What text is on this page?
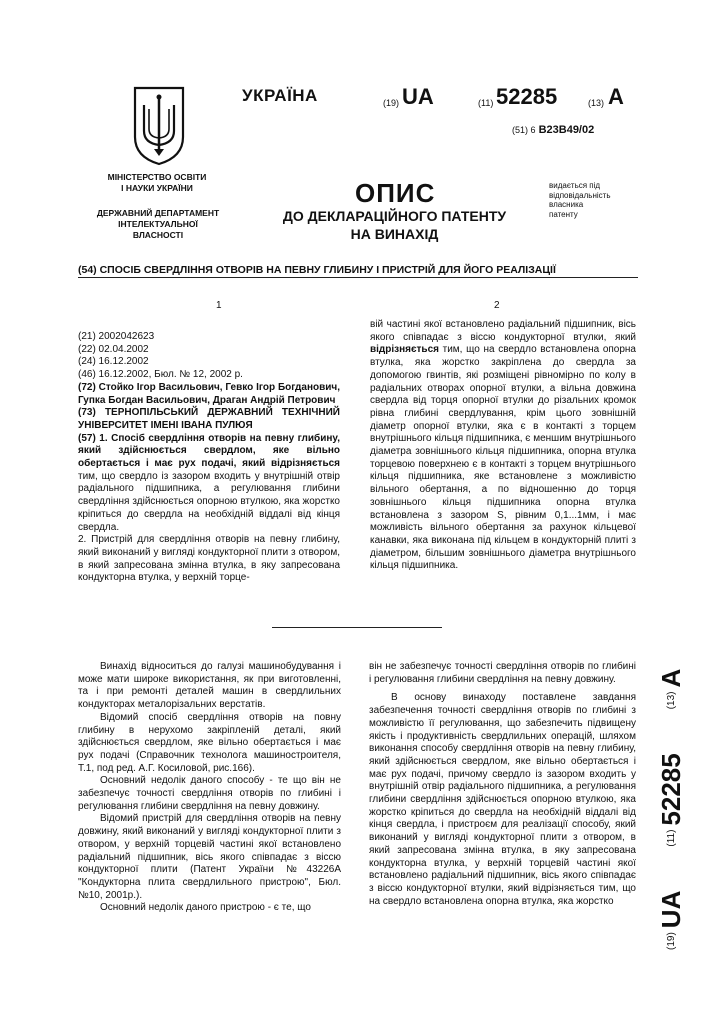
УКРАЇНА
МІНІСТЕРСТВО ОСВІТИ
І НАУКИ УКРАЇНИ
ДЕРЖАВНИЙ ДЕПАРТАМЕНТ
ІНТЕЛЕКТУАЛЬНОЇ
ВЛАСНОСТІ
(19) UA	(11) 52285	(13) A
(51) 6 B23B49/02
ОПИС
ДО ДЕКЛАРАЦІЙНОГО ПАТЕНТУ
НА ВИНАХІД
видається під
відповідальність
власника
патенту
(54) СПОСІБ СВЕРДЛІННЯ ОТВОРІВ НА ПЕВНУ ГЛИБИНУ І ПРИСТРІЙ ДЛЯ ЙОГО РЕАЛІЗАЦІЇ
1	2

(21) 2002042623

(22) 02.04.2002

(24) 16.12.2002

(46) 16.12.2002, Бюл. № 12, 2002 р.

(72) Стойко Ігор Васильович, Гевко Ігор Богданович, Гупка Богдан Васильович, Драган Андрій Петрович

(73) ТЕРНОПІЛЬСЬКИЙ ДЕРЖАВНИЙ ТЕХНІЧНИЙ УНІВЕРСИТЕТ ІМЕНІ ІВАНА ПУЛЮЯ

(57) 1. Спосіб свердління отворів на певну глибину, який здійснюється свердлом, яке вільно обертається і має рух подачі, який відрізняється тим, що свердло із зазором входить у внутрішній отвір радіального підшипника, а регулювання глибини свердління здійснюється опорною втулкою, яка жорстко кріпиться до свердла на необхідній віддалі від кінця свердла.

2. Пристрій для свердління отворів на певну глибину, який виконаний у вигляді кондукторної плити з отвором, в який запресована змінна втулка, в яку запресована кондукторна втулка, у верхній торце-

вій частині якої встановлено радіальний підшипник, вісь якого співпадає з віссю кондукторної втулки, який відрізняється тим, що на свердло встановлена опорна втулка, яка жорстко закріплена до свердла за допомогою гвинтів, які розміщені рівномірно по колу в радіальних отворах опорної втулки, а вільна довжина свердла від торця опорної втулки до різальних кромок рівна глибині свердлування, крім цього зовнішній діаметр опорної втулки, яка є в контакті з торцем внутрішнього кільця підшипника, є меншим внутрішнього діаметра зовнішнього кільця підшипника, опорна втулка торцевою поверхнею є в контакті з торцем внутрішнього кільця підшипника, яке встановлене з можливістю вільного обертання, а по відношенню до торця зовнішнього кільця підшипника опорна втулка встановлена з зазором S, рівним 0,1...1мм, і має можливість вільного обертання за рахунок кільцевої канавки, яка виконана під кільцем в кондукторній плиті з діаметром, більшим зовнішнього діаметра внутрішнього кільця підшипника.

Винахід відноситься до галузі машинобудування і може мати широке використання, як при виготовленні, та і при ремонті деталей машин в свердлильних кондукторах металорізальних верстатів.

Відомий спосіб свердління отворів на повну глибину в нерухомо закріпленій деталі, який здійснюється свердлом, яке вільно обертається і має рух подачі (Справочник технолога машиностроителя, Т.1, под ред. А.Г. Косиловой, рис.166).

Основний недолік даного способу - те що він не забезпечує точності свердління отворів по глибині і регулювання глибини свердління на певну довжину.

Відомий пристрій для свердління отворів на певну довжину, який виконаний у вигляді кондукторної плити з отвором, у верхній торцевій частині якої встановлено радіальний підшипник, вісь якого співпадає з віссю кондукторної плити (Патент України №43226А "Кондукторна плита свердлильного пристрою", Бюл. №10, 2001р.).

Основний недолік даного пристрою - є те, що

він не забезпечує точності свердління отворів по глибині і регулювання глибини свердління на певну довжину.

В основу винаходу поставлене завдання забезпечення точності свердління отворів по глибині з можливістю її регулювання, що забезпечить підвищену якість і продуктивність свердлильних операцій, шляхом виконання способу свердління отворів на певну глибину, який здійснюється свердлом, яке вільно обертається і має рух подачі, причому свердло із зазором входить у внутрішній отвір радіального підшипника, а регулювання глибини свердління здійснюється опорною втулкою, яка жорстко кріпиться до свердла на необхідній віддалі від кінця свердла, і пристроєм для реалізації способу, який виконаний у вигляді кондукторної плити з отвором, в який запресована змінна втулка, в яку запресована кондукторна втулка, у верхній торцевій частині якої встановлено радіальний підшипник, вісь якого співпадає з віссю кондукторної втулки, який відрізняється тим, що на свердло встановлена опорна втулка, яка жорстко

(19)
UA
(11)
52285
(13)
A
